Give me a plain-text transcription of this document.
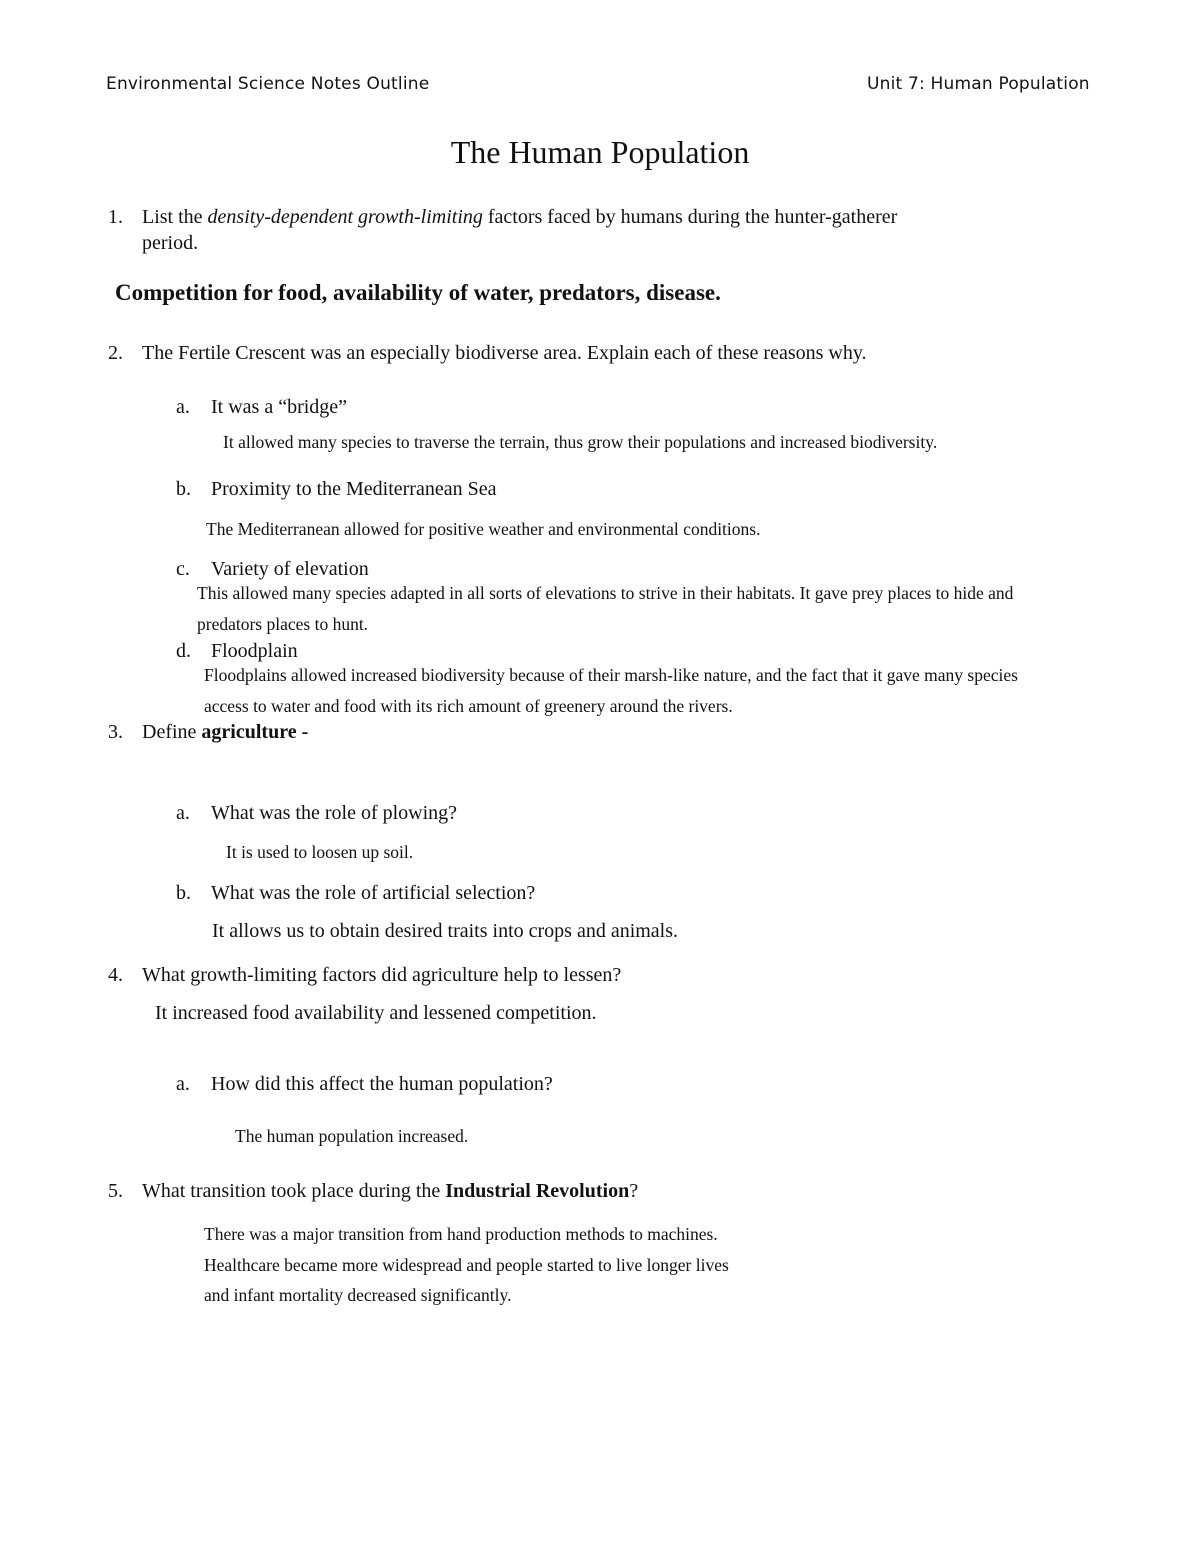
Environmental Science Notes Outline	Unit 7: Human Population
The Human Population
1. List the density-dependent growth-limiting factors faced by humans during the hunter-gatherer
period.
Competition for food, availability of water, predators, disease.
2. The Fertile Crescent was an especially biodiverse area. Explain each of these reasons why.
a. It was a “bridge”
It allowed many species to traverse the terrain, thus grow their populations and increased biodiversity.
b. Proximity to the Mediterranean Sea
The Mediterranean allowed for positive weather and environmental conditions.
c. Variety of elevation
This allowed many species adapted in all sorts of elevations to strive in their habitats. It gave prey places to hide and
predators places to hunt.
d. Floodplain
Floodplains allowed increased biodiversity because of their marsh-like nature, and the fact that it gave many species
access to water and food with its rich amount of greenery around the rivers.
3. Define agriculture -
a. What was the role of plowing?
It is used to loosen up soil.
b. What was the role of artificial selection?
It allows us to obtain desired traits into crops and animals.
4. What growth-limiting factors did agriculture help to lessen?
It increased food availability and lessened competition.
a. How did this affect the human population?
The human population increased.
5. What transition took place during the Industrial Revolution?
There was a major transition from hand production methods to machines.
Healthcare became more widespread and people started to live longer lives
and infant mortality decreased significantly.
